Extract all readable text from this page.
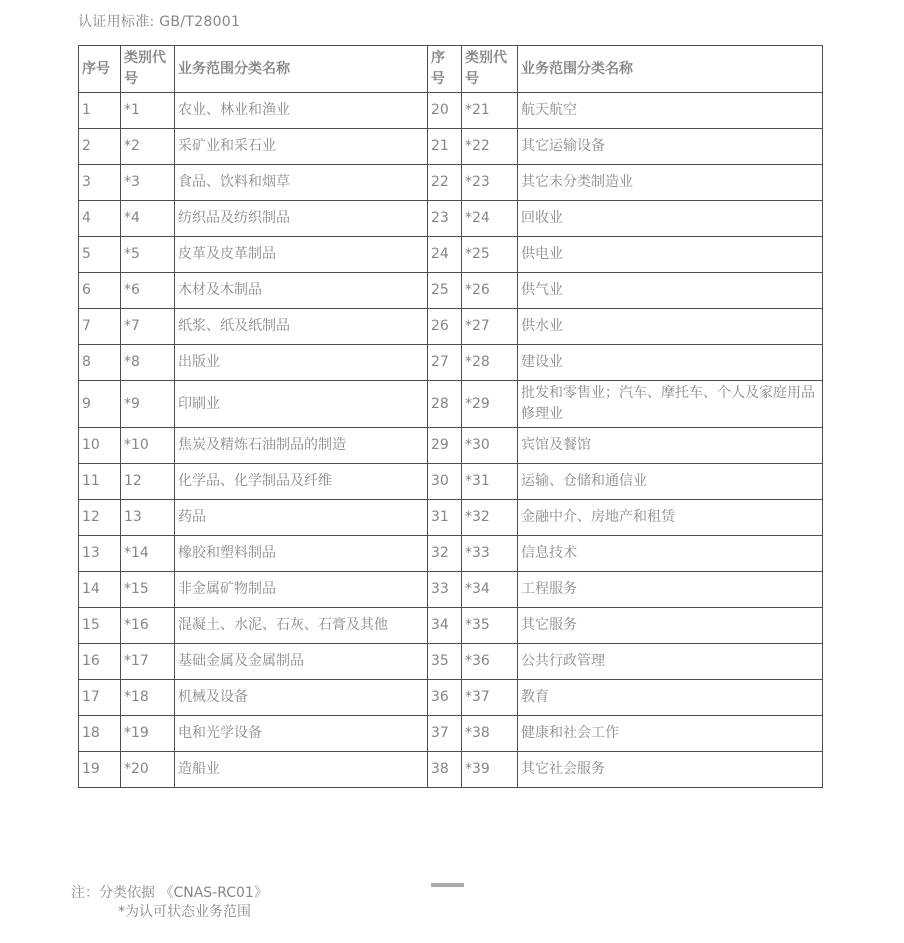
认证用标准: GB/T28001
序号	类别代号	业务范围分类名称	序号	类别代号	业务范围分类名称
1	*1	农业、林业和渔业	20	*21	航天航空
2	*2	采矿业和采石业	21	*22	其它运输设备
3	*3	食品、饮料和烟草	22	*23	其它未分类制造业
4	*4	纺织品及纺织制品	23	*24	回收业
5	*5	皮革及皮革制品	24	*25	供电业
6	*6	木材及木制品	25	*26	供气业
7	*7	纸浆、纸及纸制品	26	*27	供水业
8	*8	出版业	27	*28	建设业
9	*9	印刷业	28	*29	批发和零售业；汽车、摩托车、个人及家庭用品修理业
10	*10	焦炭及精炼石油制品的制造	29	*30	宾馆及餐馆
11	12	化学品、化学制品及纤维	30	*31	运输、仓储和通信业
12	13	药品	31	*32	金融中介、房地产和租赁
13	*14	橡胶和塑料制品	32	*33	信息技术
14	*15	非金属矿物制品	33	*34	工程服务
15	*16	混凝土、水泥、石灰、石膏及其他	34	*35	其它服务
16	*17	基础金属及金属制品	35	*36	公共行政管理
17	*18	机械及设备	36	*37	教育
18	*19	电和光学设备	37	*38	健康和社会工作
19	*20	造船业	38	*39	其它社会服务
注：分类依据 《CNAS-RC01》
*为认可状态业务范围
